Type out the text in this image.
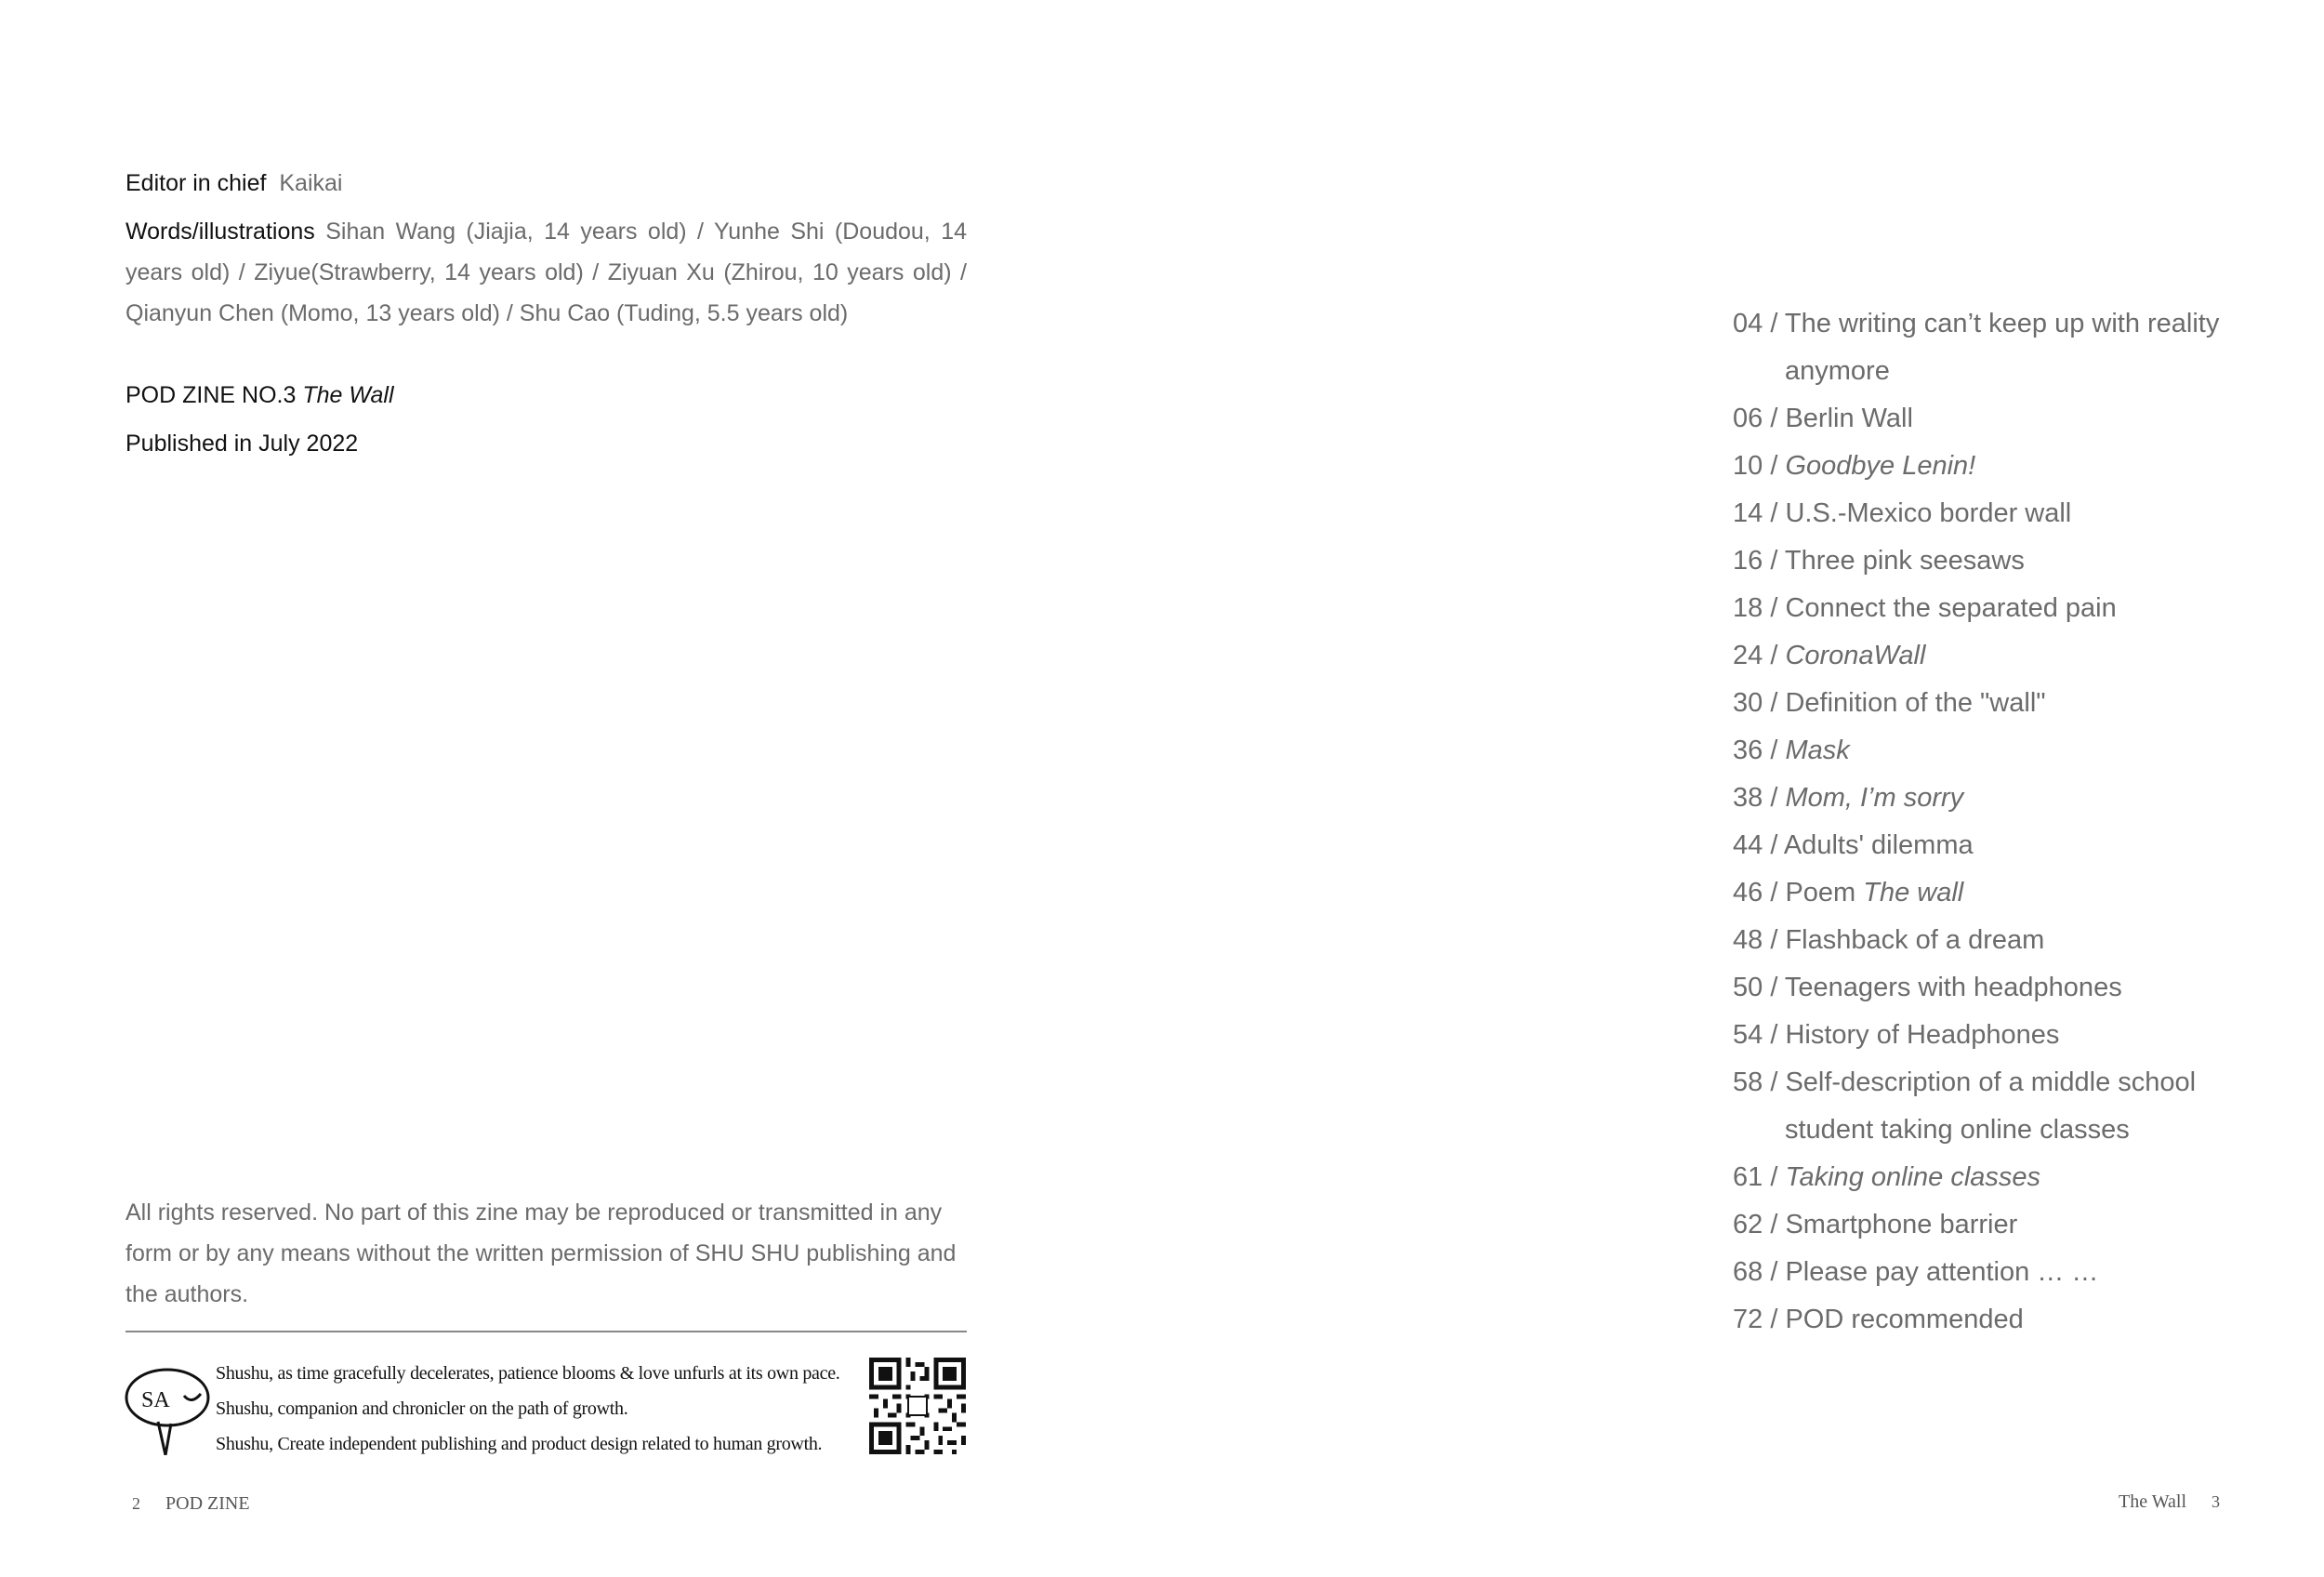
Editor in chief Kaikai
Words/illustrations Sihan Wang (Jiajia, 14 years old) / Yunhe Shi (Doudou, 14 years old) / Ziyue(Strawberry, 14 years old) / Ziyuan Xu (Zhirou, 10 years old) / Qianyun Chen (Momo, 13 years old) / Shu Cao (Tuding, 5.5 years old)
POD ZINE NO.3 The Wall
Published in July 2022
All rights reserved. No part of this zine may be reproduced or transmitted in any form or by any means without the written permission of SHU SHU publishing and the authors.
SA
Shushu, as time gracefully decelerates, patience blooms & love unfurls at its own pace.
Shushu, companion and chronicler on the path of growth.
Shushu, Create independent publishing and product design related to human growth.
2 POD ZINE
04 / The writing can’t keep up with reality anymore
06 / Berlin Wall
10 / Goodbye Lenin!
14 / U.S.-Mexico border wall
16 / Three pink seesaws
18 / Connect the separated pain
24 / CoronaWall
30 / Definition of the "wall"
36 / Mask
38 / Mom, I’m sorry
44 / Adults' dilemma
46 / Poem The wall
48 / Flashback of a dream
50 / Teenagers with headphones
54 / History of Headphones
58 / Self-description of a middle school student taking online classes
61 / Taking online classes
62 / Smartphone barrier
68 / Please pay attention … …
72 / POD recommended
The Wall 3
